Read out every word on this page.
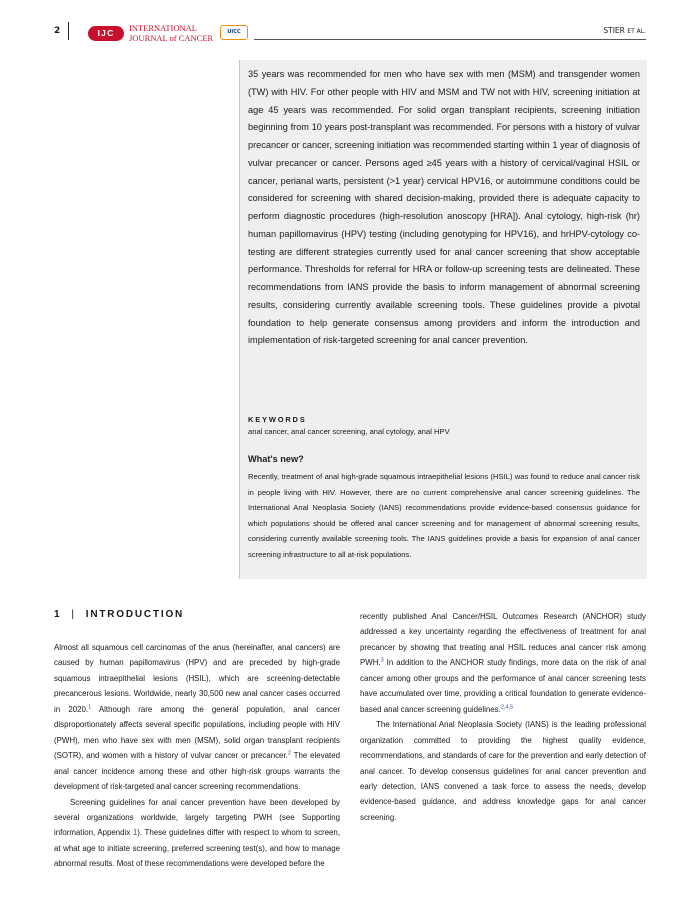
2	IJC	INTERNATIONAL
JOURNAL of CANCER
UICC	STIER ET AL.

35 years was recommended for men who have sex with men (MSM) and transgender women (TW) with HIV. For other people with HIV and MSM and TW not with HIV, screening initiation at age 45 years was recommended. For solid organ transplant recipients, screening initiation beginning from 10 years post-transplant was recommended. For persons with a history of vulvar precancer or cancer, screening initiation was recommended starting within 1 year of diagnosis of vulvar precancer or cancer. Persons aged ≥45 years with a history of cervical/vaginal HSIL or cancer, perianal warts, persistent (>1 year) cervical HPV16, or autoimmune conditions could be considered for screening with shared decision-making, provided there is adequate capacity to perform diagnostic procedures (high-resolution anoscopy [HRA]). Anal cytology, high-risk (hr) human papillomavirus (HPV) testing (including genotyping for HPV16), and hrHPV-cytology co-testing are different strategies currently used for anal cancer screening that show acceptable performance. Thresholds for referral for HRA or follow-up screening tests are delineated. These recommendations from IANS provide the basis to inform management of abnormal screening results, considering currently available screening tools. These guidelines provide a pivotal foundation to help generate consensus among providers and inform the introduction and implementation of risk-targeted screening for anal cancer prevention.

KEYWORDS
anal cancer, anal cancer screening, anal cytology, anal HPV
What's new?

Recently, treatment of anal high-grade squamous intraepithelial lesions (HSIL) was found to reduce anal cancer risk in people living with HIV. However, there are no current comprehensive anal cancer screening guidelines. The International Anal Neoplasia Society (IANS) recommendations provide evidence-based consensus guidance for which populations should be offered anal cancer screening and for management of abnormal screening results, considering currently available screening tools. The IANS guidelines provide a basis for expansion of anal cancer screening infrastructure to all at-risk populations.

1 | INTRODUCTION

Almost all squamous cell carcinomas of the anus (hereinafter, anal cancers) are caused by human papillomavirus (HPV) and are preceded by high-grade squamous intraepithelial lesions (HSIL), which are screening-detectable precancerous lesions. Worldwide, nearly 30,500 new anal cancer cases occurred in 2020.$^1$ Although rare among the general population, anal cancer disproportionately affects several specific populations, including people with HIV (PWH), men who have sex with men (MSM), solid organ transplant recipients (SOTR), and women with a history of vulvar cancer or precancer.$^2$ The elevated anal cancer incidence among these and other high-risk groups warrants the development of risk-targeted anal cancer screening recommendations.

Screening guidelines for anal cancer prevention have been developed by several organizations worldwide, largely targeting PWH (see Supporting information, Appendix 1). These guidelines differ with respect to whom to screen, at what age to initiate screening, preferred screening test(s), and how to manage abnormal results. Most of these recommendations were developed before the

recently published Anal Cancer/HSIL Outcomes Research (ANCHOR) study addressed a key uncertainty regarding the effectiveness of treatment for anal precancer by showing that treating anal HSIL reduces anal cancer risk among PWH.$^3$ In addition to the ANCHOR study findings, more data on the risk of anal cancer among other groups and the performance of anal cancer screening tests have accumulated over time, providing a critical foundation to generate evidence-based anal cancer screening guidelines.$^{2,4,5}$

The International Anal Neoplasia Society (IANS) is the leading professional organization committed to providing the highest quality evidence, recommendations, and standards of care for the prevention and early detection of anal cancer. To develop consensus guidelines for anal cancer prevention and early detection, IANS convened a task force to assess the needs, develop evidence-based guidance, and address knowledge gaps for anal cancer screening.
